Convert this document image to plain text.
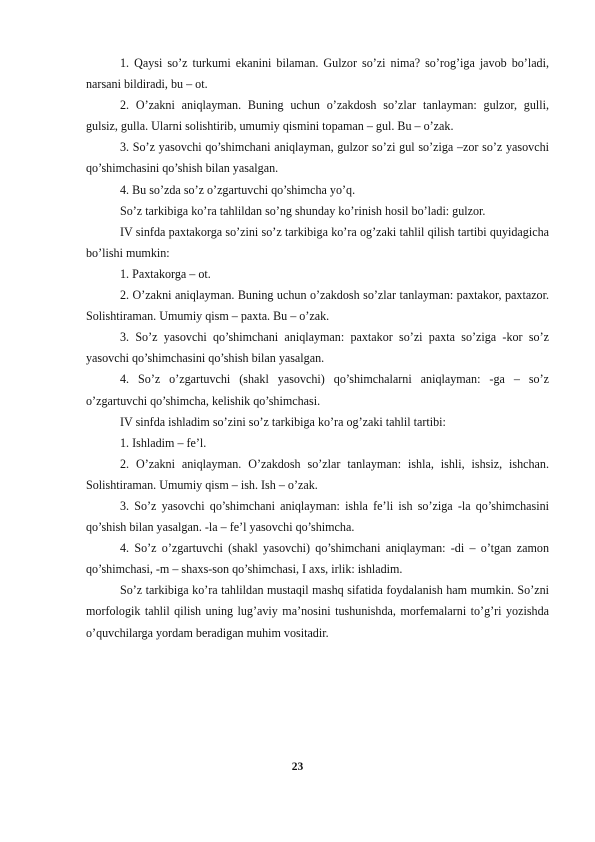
1. Qaysi so’z turkumi ekanini bilaman. Gulzor so’zi nima? so’rog’iga javob bo’ladi, narsani bildiradi, bu – ot.

2. O’zakni aniqlayman. Buning uchun o’zakdosh so’zlar tanlayman: gulzor, gulli, gulsiz, gulla. Ularni solishtirib, umumiy qismini topaman – gul. Bu – o’zak.

3. So’z yasovchi qo’shimchani aniqlayman, gulzor so’zi gul so’ziga –zor so’z yasovchi qo’shimchasini qo’shish bilan yasalgan.

4. Bu so’zda so’z o’zgartuvchi qo’shimcha yo’q.

So’z tarkibiga ko’ra tahlildan so’ng shunday ko’rinish hosil bo’ladi: gulzor.

IV sinfda paxtakorga so’zini so’z tarkibiga ko’ra og’zaki tahlil qilish tartibi quyidagicha bo’lishi mumkin:

1. Paxtakorga – ot.

2. O’zakni aniqlayman. Buning uchun o’zakdosh so’zlar tanlayman: paxtakor, paxtazor. Solishtiraman. Umumiy qism – paxta. Bu – o’zak.

3. So’z yasovchi qo’shimchani aniqlayman: paxtakor so’zi paxta so’ziga -kor so’z yasovchi qo’shimchasini qo’shish bilan yasalgan.

4. So’z o’zgartuvchi (shakl yasovchi) qo’shimchalarni aniqlayman: -ga – so’z o’zgartuvchi qo’shimcha, kelishik qo’shimchasi.

IV sinfda ishladim so’zini so’z tarkibiga ko’ra og’zaki tahlil tartibi:

1. Ishladim – fe’l.

2. O’zakni aniqlayman. O’zakdosh so’zlar tanlayman: ishla, ishli, ishsiz, ishchan. Solishtiraman. Umumiy qism – ish. Ish – o’zak.

3. So’z yasovchi qo’shimchani aniqlayman: ishla fe’li ish so’ziga -la qo’shimchasini qo’shish bilan yasalgan. -la – fe’l yasovchi qo’shimcha.

4. So’z o’zgartuvchi (shakl yasovchi) qo’shimchani aniqlayman: -di – o’tgan zamon qo’shimchasi, -m – shaxs-son qo’shimchasi, I axs, irlik: ishladim.

So’z tarkibiga ko’ra tahlildan mustaqil mashq sifatida foydalanish ham mumkin. So’zni morfologik tahlil qilish uning lug’aviy ma’nosini tushunishda, morfemalarni to’g’ri yozishda o’quvchilarga yordam beradigan muhim vositadir.

23
